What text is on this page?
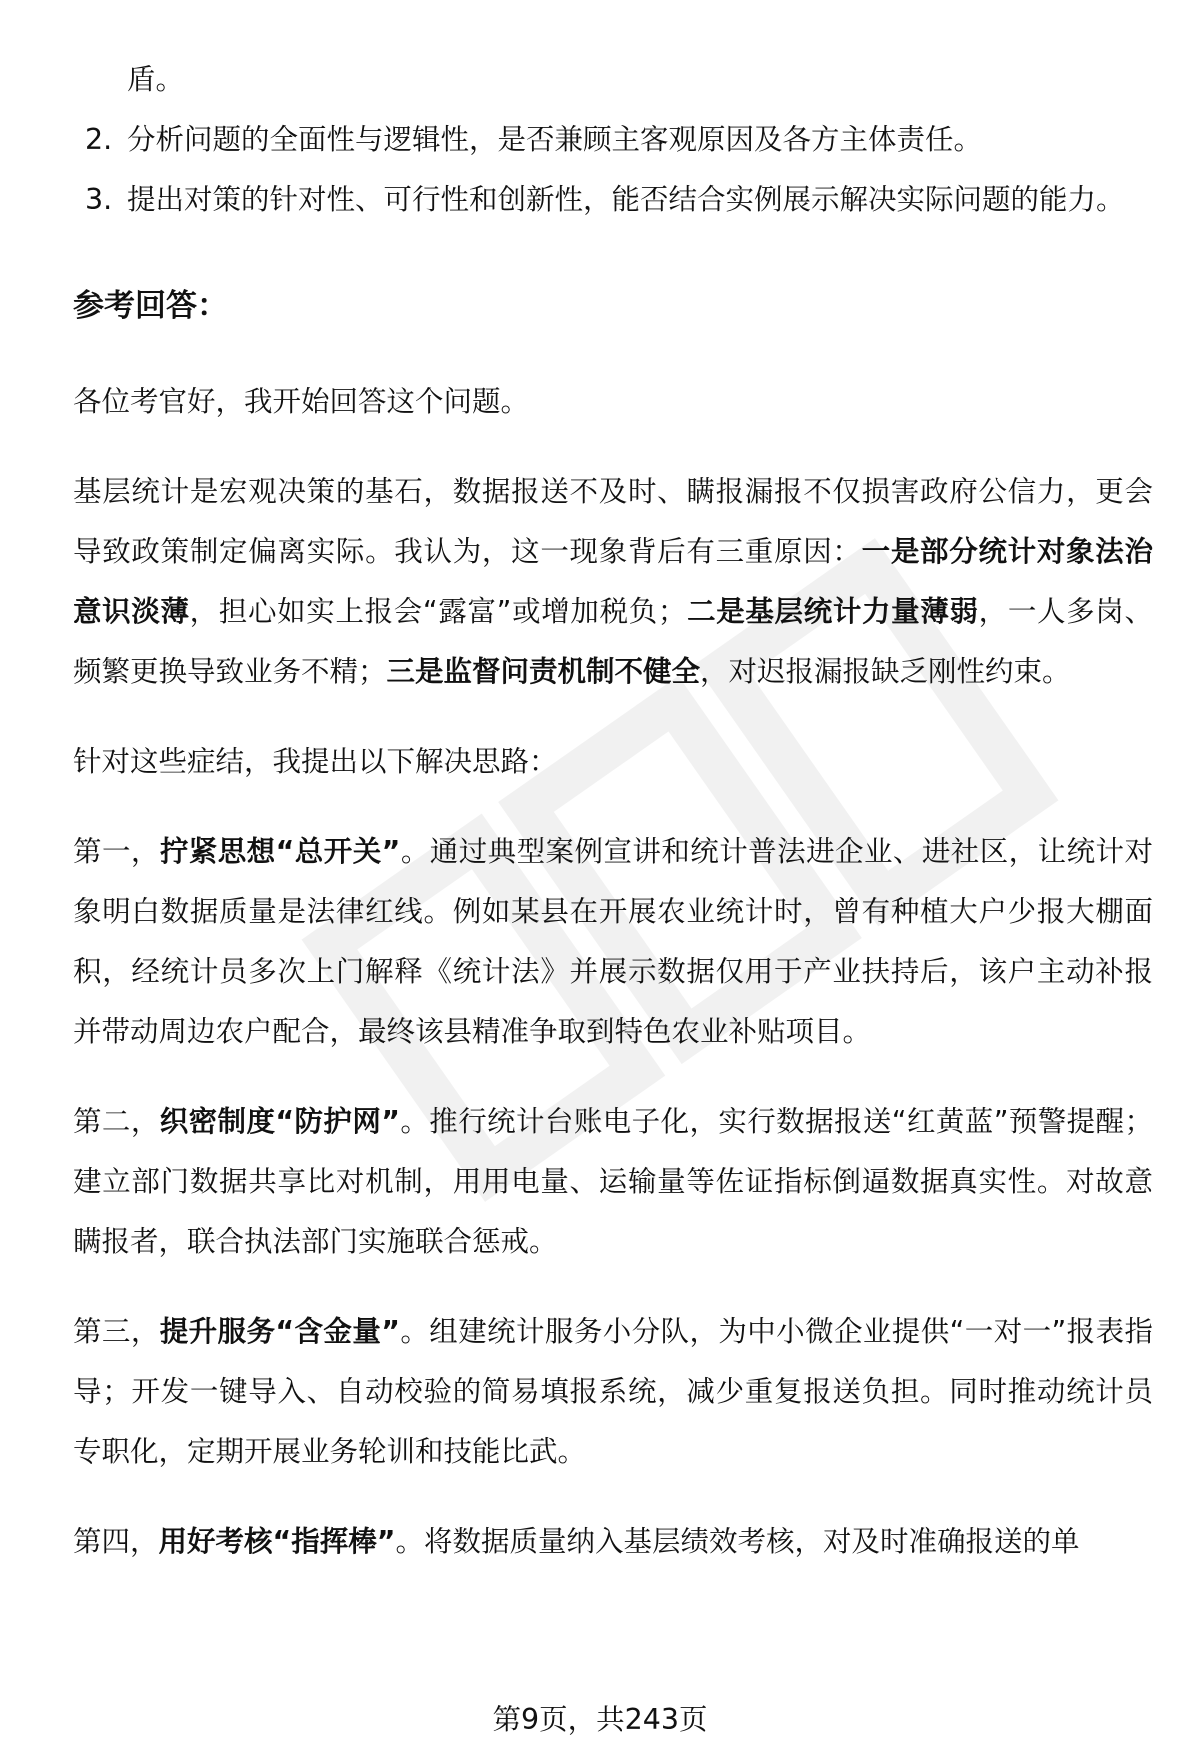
盾。
2. 分析问题的全面性与逻辑性，是否兼顾主客观原因及各方主体责任。
3. 提出对策的针对性、可行性和创新性，能否结合实例展示解决实际问题的能力。
参考回答：
各位考官好，我开始回答这个问题。
基层统计是宏观决策的基石，数据报送不及时、瞒报漏报不仅损害政府公信力，更会导致政策制定偏离实际。我认为，这一现象背后有三重原因：一是部分统计对象法治意识淡薄，担心如实上报会“露富”或增加税负；二是基层统计力量薄弱，一人多岗、频繁更换导致业务不精；三是监督问责机制不健全，对迟报漏报缺乏刚性约束。
针对这些症结，我提出以下解决思路：
第一，拧紧思想“总开关”。通过典型案例宣讲和统计普法进企业、进社区，让统计对象明白数据质量是法律红线。例如某县在开展农业统计时，曾有种植大户少报大棚面积，经统计员多次上门解释《统计法》并展示数据仅用于产业扶持后，该户主动补报并带动周边农户配合，最终该县精准争取到特色农业补贴项目。
第二，织密制度“防护网”。推行统计台账电子化，实行数据报送“红黄蓝”预警提醒；建立部门数据共享比对机制，用用电量、运输量等佐证指标倒逼数据真实性。对故意瞒报者，联合执法部门实施联合惩戒。
第三，提升服务“含金量”。组建统计服务小分队，为中小微企业提供“一对一”报表指导；开发一键导入、自动校验的简易填报系统，减少重复报送负担。同时推动统计员专职化，定期开展业务轮训和技能比武。
第四，用好考核“指挥棒”。将数据质量纳入基层绩效考核，对及时准确报送的单
第9页，共243页
